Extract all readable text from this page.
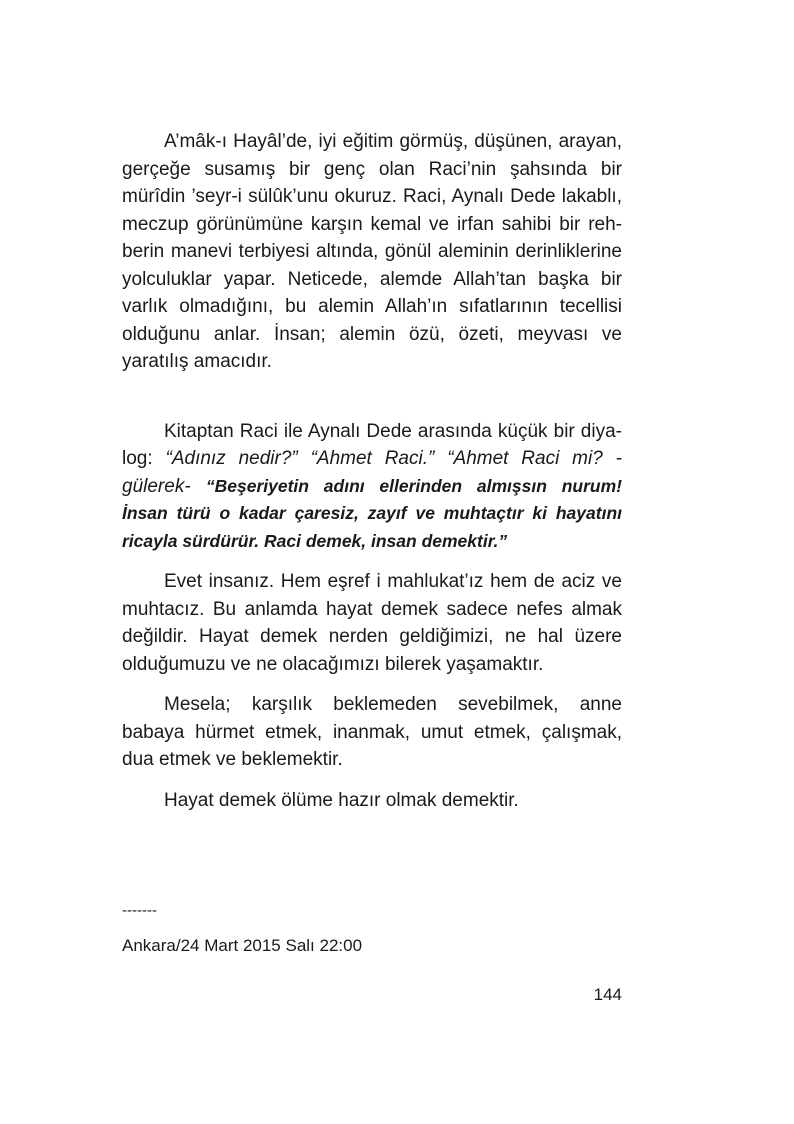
A’mâk-ı Hayâl’de, iyi eğitim görmüş, düşünen, arayan, gerçeğe susamış bir genç olan Raci’nin şahsında bir mürîdin ’seyr-i sülûk’unu okuruz. Raci, Aynalı Dede lakablı, meczup görünümüne karşın kemal ve irfan sahibi bir rehberin manevi terbiyesi altında, gönül aleminin derinliklerine yolculuklar yapar. Neticede, alemde Allah’tan başka bir varlık olmadığını, bu alemin Allah’ın sıfatlarının tecellisi olduğunu anlar. İnsan; alemin özü, özeti, meyvası ve yaratılış amacıdır.

Kitaptan Raci ile Aynalı Dede arasında küçük bir diyalog: “Adınız nedir?” “Ahmet Raci.” “Ahmet Raci mi? -gülerek- “Beşeriyetin adını ellerinden almışsın nurum! İnsan türü o kadar çaresiz, zayıf ve muhtaçtır ki hayatını ricayla sürdürür. Raci demek, insan demektir.”

Evet insanız. Hem eşref i mahlukat’ız hem de aciz ve muhtacız. Bu anlamda hayat demek sadece nefes almak değildir. Hayat demek nerden geldiğimizi, ne hal üzere olduğumuzu ve ne olacağımızı bilerek yaşamaktır.

Mesela; karşılık beklemeden sevebilmek, anne babaya hürmet etmek, inanmak, umut etmek, çalışmak, dua etmek ve beklemektir.

Hayat demek ölüme hazır olmak demektir.

-------
Ankara/24 Mart 2015 Salı 22:00
144
